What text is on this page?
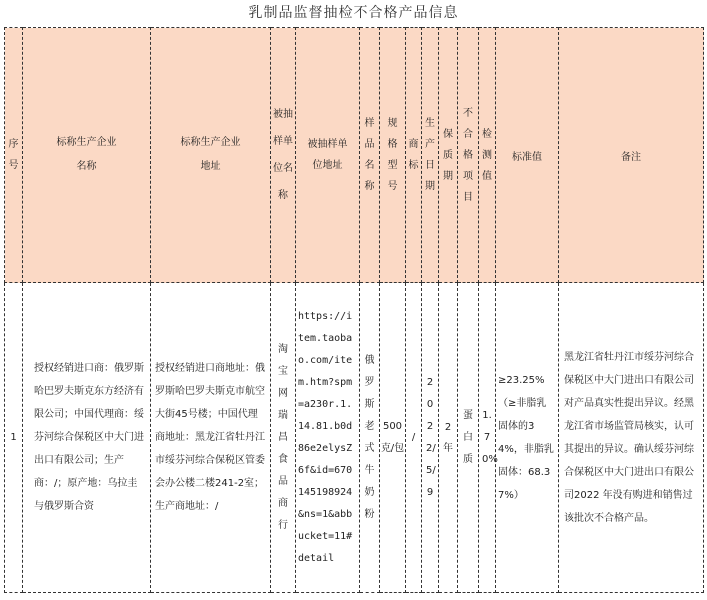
乳制品监督抽检不合格产品信息
序号	标称生产企业 名称	标称生产企业 地址	被抽样单位名称	被抽样单位地址	样品名称	规格型号	商标	生产日期	保质期	不合格项目	检测值	标准值	备注
1	授权经销进口商：俄罗斯哈巴罗夫斯克东方经济有限公司；中国代理商：绥芬河综合保税区中大门进出口有限公司；生产商：/；原产地：乌拉圭与俄罗斯合资	授权经销进口商地址：俄罗斯哈巴罗夫斯克市航空大街45号楼；中国代理商地址：黑龙江省牡丹江市绥芬河综合保税区管委会办公楼二楼241-2室；生产商地址：/	淘宝网瑞昌食品商行	https://item.taobao.com/item.htm?spm=a230r.1.14.81.b0d86e2elysZ6f&id=670145198924&ns=1&abbucket=11#detail	俄罗斯老式牛奶粉	500克/包	/	2022/5/9	2年	蛋白质	1.70%	≥23.25%（≥非脂乳固体的34%，非脂乳固体：68.37%）	黑龙江省牡丹江市绥芬河综合保税区中大门进出口有限公司对产品真实性提出异议。经黑龙江省市场监管局核实，认可其提出的异议。确认绥芬河综合保税区中大门进出口有限公司2022 年没有购进和销售过该批次不合格产品。
